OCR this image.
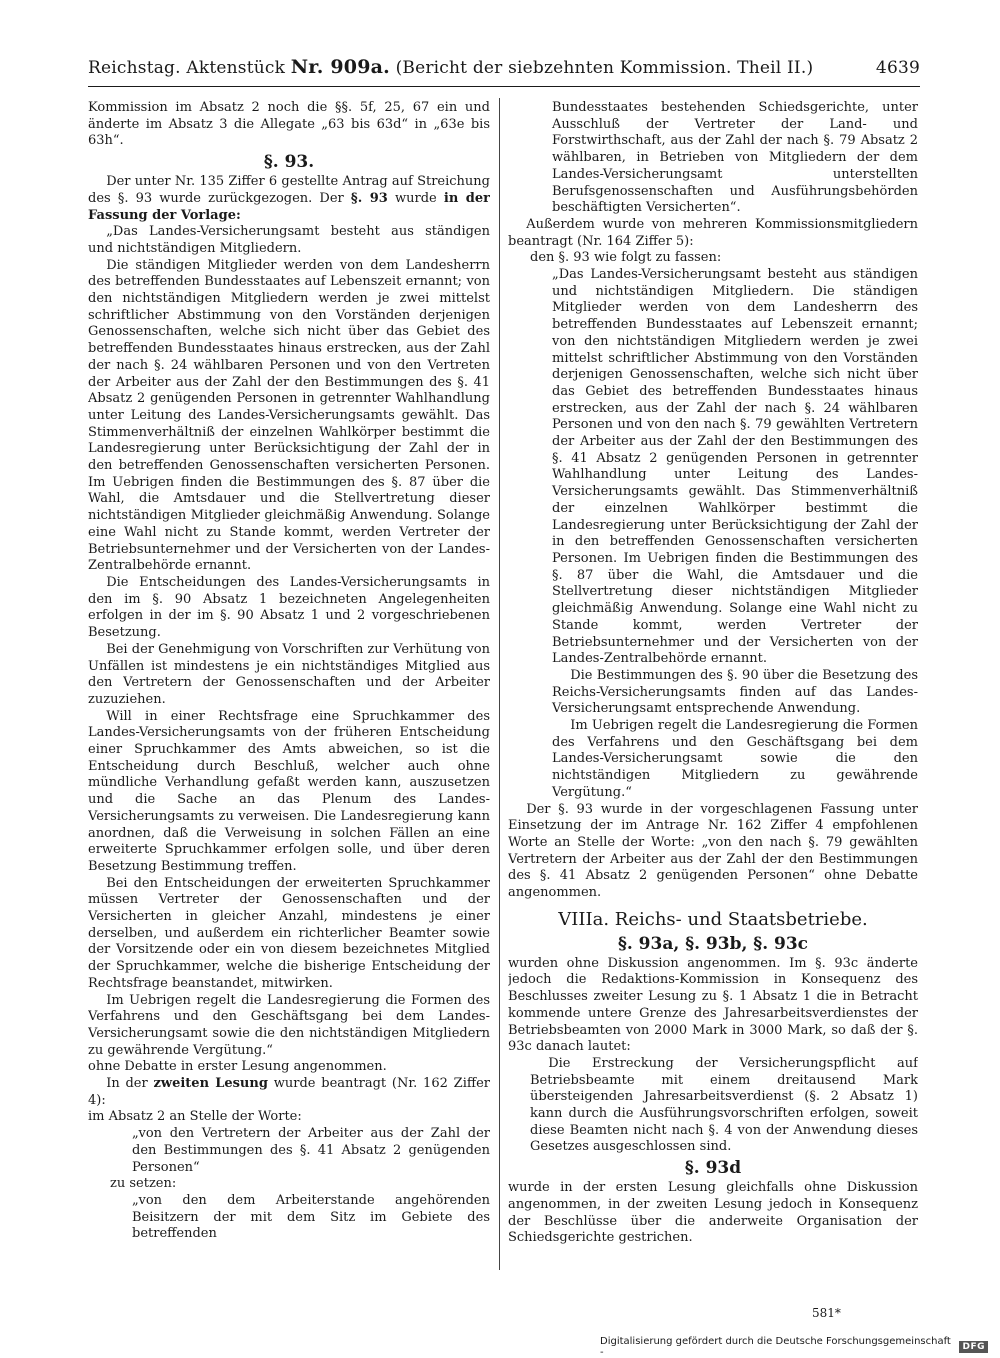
Reichstag. Aktenstück Nr. 909a. (Bericht der siebzehnten Kommission. Theil II.)	4639

Kommission im Absatz 2 noch die §§. 5f, 25, 67 ein und änderte im Absatz 3 die Allegate „63 bis 63d“ in „63e bis 63h“.

§. 93.

Der unter Nr. 135 Ziffer 6 gestellte Antrag auf Streichung des §. 93 wurde zurückgezogen. Der §. 93 wurde in der Fassung der Vorlage:

„Das Landes-Versicherungsamt besteht aus ständigen und nichtständigen Mitgliedern.

Die ständigen Mitglieder werden von dem Landesherrn des betreffenden Bundesstaates auf Lebenszeit ernannt; von den nichtständigen Mitgliedern werden je zwei mittelst schriftlicher Abstimmung von den Vorständen derjenigen Genossenschaften, welche sich nicht über das Gebiet des betreffenden Bundesstaates hinaus erstrecken, aus der Zahl der nach §. 24 wählbaren Personen und von den Vertreten der Arbeiter aus der Zahl der den Bestimmungen des §. 41 Absatz 2 genügenden Personen in getrennter Wahlhandlung unter Leitung des Landes-Versicherungsamts gewählt. Das Stimmenverhältniß der einzelnen Wahlkörper bestimmt die Landesregierung unter Berücksichtigung der Zahl der in den betreffenden Genossenschaften versicherten Personen. Im Uebrigen finden die Bestimmungen des §. 87 über die Wahl, die Amtsdauer und die Stellvertretung dieser nichtständigen Mitglieder gleichmäßig Anwendung. Solange eine Wahl nicht zu Stande kommt, werden Vertreter der Betriebsunternehmer und der Versicherten von der Landes-Zentralbehörde ernannt.

Die Entscheidungen des Landes-Versicherungsamts in den im §. 90 Absatz 1 bezeichneten Angelegenheiten erfolgen in der im §. 90 Absatz 1 und 2 vorgeschriebenen Besetzung.

Bei der Genehmigung von Vorschriften zur Verhütung von Unfällen ist mindestens je ein nichtständiges Mitglied aus den Vertretern der Genossenschaften und der Arbeiter zuzuziehen.

Will in einer Rechtsfrage eine Spruchkammer des Landes-Versicherungsamts von der früheren Entscheidung einer Spruchkammer des Amts abweichen, so ist die Entscheidung durch Beschluß, welcher auch ohne mündliche Verhandlung gefaßt werden kann, auszusetzen und die Sache an das Plenum des Landes-Versicherungsamts zu verweisen. Die Landesregierung kann anordnen, daß die Verweisung in solchen Fällen an eine erweiterte Spruchkammer erfolgen solle, und über deren Besetzung Bestimmung treffen.

Bei den Entscheidungen der erweiterten Spruchkammer müssen Vertreter der Genossenschaften und der Versicherten in gleicher Anzahl, mindestens je einer derselben, und außerdem ein richterlicher Beamter sowie der Vorsitzende oder ein von diesem bezeichnetes Mitglied der Spruchkammer, welche die bisherige Entscheidung der Rechtsfrage beanstandet, mitwirken.

Im Uebrigen regelt die Landesregierung die Formen des Verfahrens und den Geschäftsgang bei dem Landes-Versicherungsamt sowie die den nichtständigen Mitgliedern zu gewährende Vergütung.“

ohne Debatte in erster Lesung angenommen.

In der zweiten Lesung wurde beantragt (Nr. 162 Ziffer 4):

im Absatz 2 an Stelle der Worte:

„von den Vertretern der Arbeiter aus der Zahl der den Bestimmungen des §. 41 Absatz 2 genügenden Personen“

zu setzen:

„von den dem Arbeiterstande angehörenden Beisitzern der mit dem Sitz im Gebiete des betreffenden

Bundesstaates bestehenden Schiedsgerichte, unter Ausschluß der Vertreter der Land- und Forstwirthschaft, aus der Zahl der nach §. 79 Absatz 2 wählbaren, in Betrieben von Mitgliedern der dem Landes-Versicherungsamt unterstellten Berufsgenossenschaften und Ausführungsbehörden beschäftigten Versicherten“.

Außerdem wurde von mehreren Kommissionsmitgliedern beantragt (Nr. 164 Ziffer 5):

den §. 93 wie folgt zu fassen:

„Das Landes-Versicherungsamt besteht aus ständigen und nichtständigen Mitgliedern. Die ständigen Mitglieder werden von dem Landesherrn des betreffenden Bundesstaates auf Lebenszeit ernannt; von den nichtständigen Mitgliedern werden je zwei mittelst schriftlicher Abstimmung von den Vorständen derjenigen Genossenschaften, welche sich nicht über das Gebiet des betreffenden Bundesstaates hinaus erstrecken, aus der Zahl der nach §. 24 wählbaren Personen und von den nach §. 79 gewählten Vertretern der Arbeiter aus der Zahl der den Bestimmungen des §. 41 Absatz 2 genügenden Personen in getrennter Wahlhandlung unter Leitung des Landes-Versicherungsamts gewählt. Das Stimmenverhältniß der einzelnen Wahlkörper bestimmt die Landesregierung unter Berücksichtigung der Zahl der in den betreffenden Genossenschaften versicherten Personen. Im Uebrigen finden die Bestimmungen des §. 87 über die Wahl, die Amtsdauer und die Stellvertretung dieser nichtständigen Mitglieder gleichmäßig Anwendung. Solange eine Wahl nicht zu Stande kommt, werden Vertreter der Betriebsunternehmer und der Versicherten von der Landes-Zentralbehörde ernannt.

Die Bestimmungen des §. 90 über die Besetzung des Reichs-Versicherungsamts finden auf das Landes-Versicherungsamt entsprechende Anwendung.

Im Uebrigen regelt die Landesregierung die Formen des Verfahrens und den Geschäftsgang bei dem Landes-Versicherungsamt sowie die den nichtständigen Mitgliedern zu gewährende Vergütung.“

Der §. 93 wurde in der vorgeschlagenen Fassung unter Einsetzung der im Antrage Nr. 162 Ziffer 4 empfohlenen Worte an Stelle der Worte: „von den nach §. 79 gewählten Vertretern der Arbeiter aus der Zahl der den Bestimmungen des §. 41 Absatz 2 genügenden Personen“ ohne Debatte angenommen.

VIIIa. Reichs- und Staatsbetriebe.
§. 93a, §. 93b, §. 93c

wurden ohne Diskussion angenommen. Im §. 93c änderte jedoch die Redaktions-Kommission in Konsequenz des Beschlusses zweiter Lesung zu §. 1 Absatz 1 die in Betracht kommende untere Grenze des Jahresarbeitsverdienstes der Betriebsbeamten von 2000 Mark in 3000 Mark, so daß der §. 93c danach lautet:

Die Erstreckung der Versicherungspflicht auf Betriebsbeamte mit einem dreitausend Mark übersteigenden Jahresarbeitsverdienst (§. 2 Absatz 1) kann durch die Ausführungsvorschriften erfolgen, soweit diese Beamten nicht nach §. 4 von der Anwendung dieses Gesetzes ausgeschlossen sind.

§. 93d

wurde in der ersten Lesung gleichfalls ohne Diskussion angenommen, in der zweiten Lesung jedoch in Konsequenz der Beschlüsse über die anderweite Organisation der Schiedsgerichte gestrichen.

581*
Digitalisierung gefördert durch die Deutsche Forschungsgemeinschaft -	DFG
